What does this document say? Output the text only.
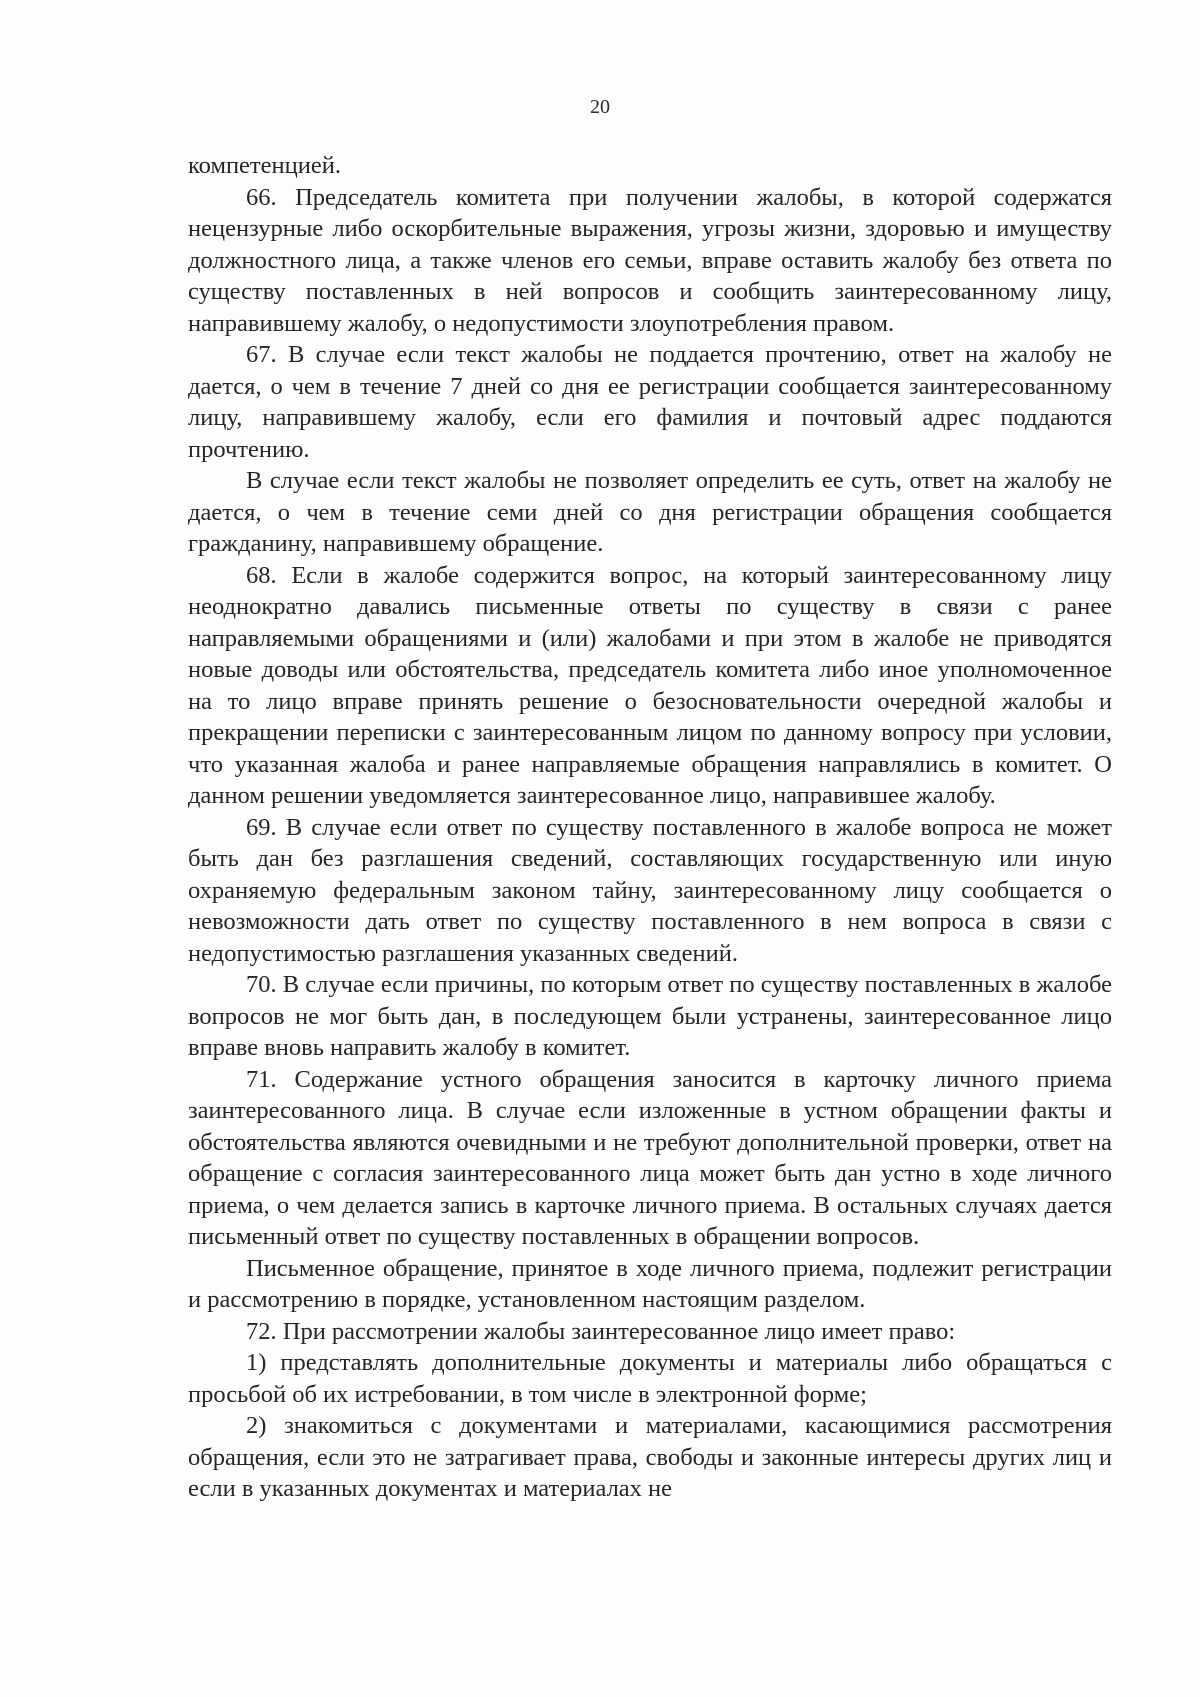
20

компетенцией.

66. Председатель комитета при получении жалобы, в которой содержатся нецензурные либо оскорбительные выражения, угрозы жизни, здоровью и имуществу должностного лица, а также членов его семьи, вправе оставить жалобу без ответа по существу поставленных в ней вопросов и сообщить заинтересованному лицу, направившему жалобу, о недопустимости злоупотребления правом.

67. В случае если текст жалобы не поддается прочтению, ответ на жалобу не дается, о чем в течение 7 дней со дня ее регистрации сообщается заинтересованному лицу, направившему жалобу, если его фамилия и почтовый адрес поддаются прочтению.

В случае если текст жалобы не позволяет определить ее суть, ответ на жалобу не дается, о чем в течение семи дней со дня регистрации обращения сообщается гражданину, направившему обращение.

68. Если в жалобе содержится вопрос, на который заинтересованному лицу неоднократно давались письменные ответы по существу в связи с ранее направляемыми обращениями и (или) жалобами и при этом в жалобе не приводятся новые доводы или обстоятельства, председатель комитета либо иное уполномоченное на то лицо вправе принять решение о безосновательности очередной жалобы и прекращении переписки с заинтересованным лицом по данному вопросу при условии, что указанная жалоба и ранее направляемые обращения направлялись в комитет. О данном решении уведомляется заинтересованное лицо, направившее жалобу.

69. В случае если ответ по существу поставленного в жалобе вопроса не может быть дан без разглашения сведений, составляющих государственную или иную охраняемую федеральным законом тайну, заинтересованному лицу сообщается о невозможности дать ответ по существу поставленного в нем вопроса в связи с недопустимостью разглашения указанных сведений.

70. В случае если причины, по которым ответ по существу поставленных в жалобе вопросов не мог быть дан, в последующем были устранены, заинтересованное лицо вправе вновь направить жалобу в комитет.

71. Содержание устного обращения заносится в карточку личного приема заинтересованного лица. В случае если изложенные в устном обращении факты и обстоятельства являются очевидными и не требуют дополнительной проверки, ответ на обращение с согласия заинтересованного лица может быть дан устно в ходе личного приема, о чем делается запись в карточке личного приема. В остальных случаях дается письменный ответ по существу поставленных в обращении вопросов.

Письменное обращение, принятое в ходе личного приема, подлежит регистрации и рассмотрению в порядке, установленном настоящим разделом.

72. При рассмотрении жалобы заинтересованное лицо имеет право:

1) представлять дополнительные документы и материалы либо обращаться с просьбой об их истребовании, в том числе в электронной форме;

2) знакомиться с документами и материалами, касающимися рассмотрения обращения, если это не затрагивает права, свободы и законные интересы других лиц и если в указанных документах и материалах не
